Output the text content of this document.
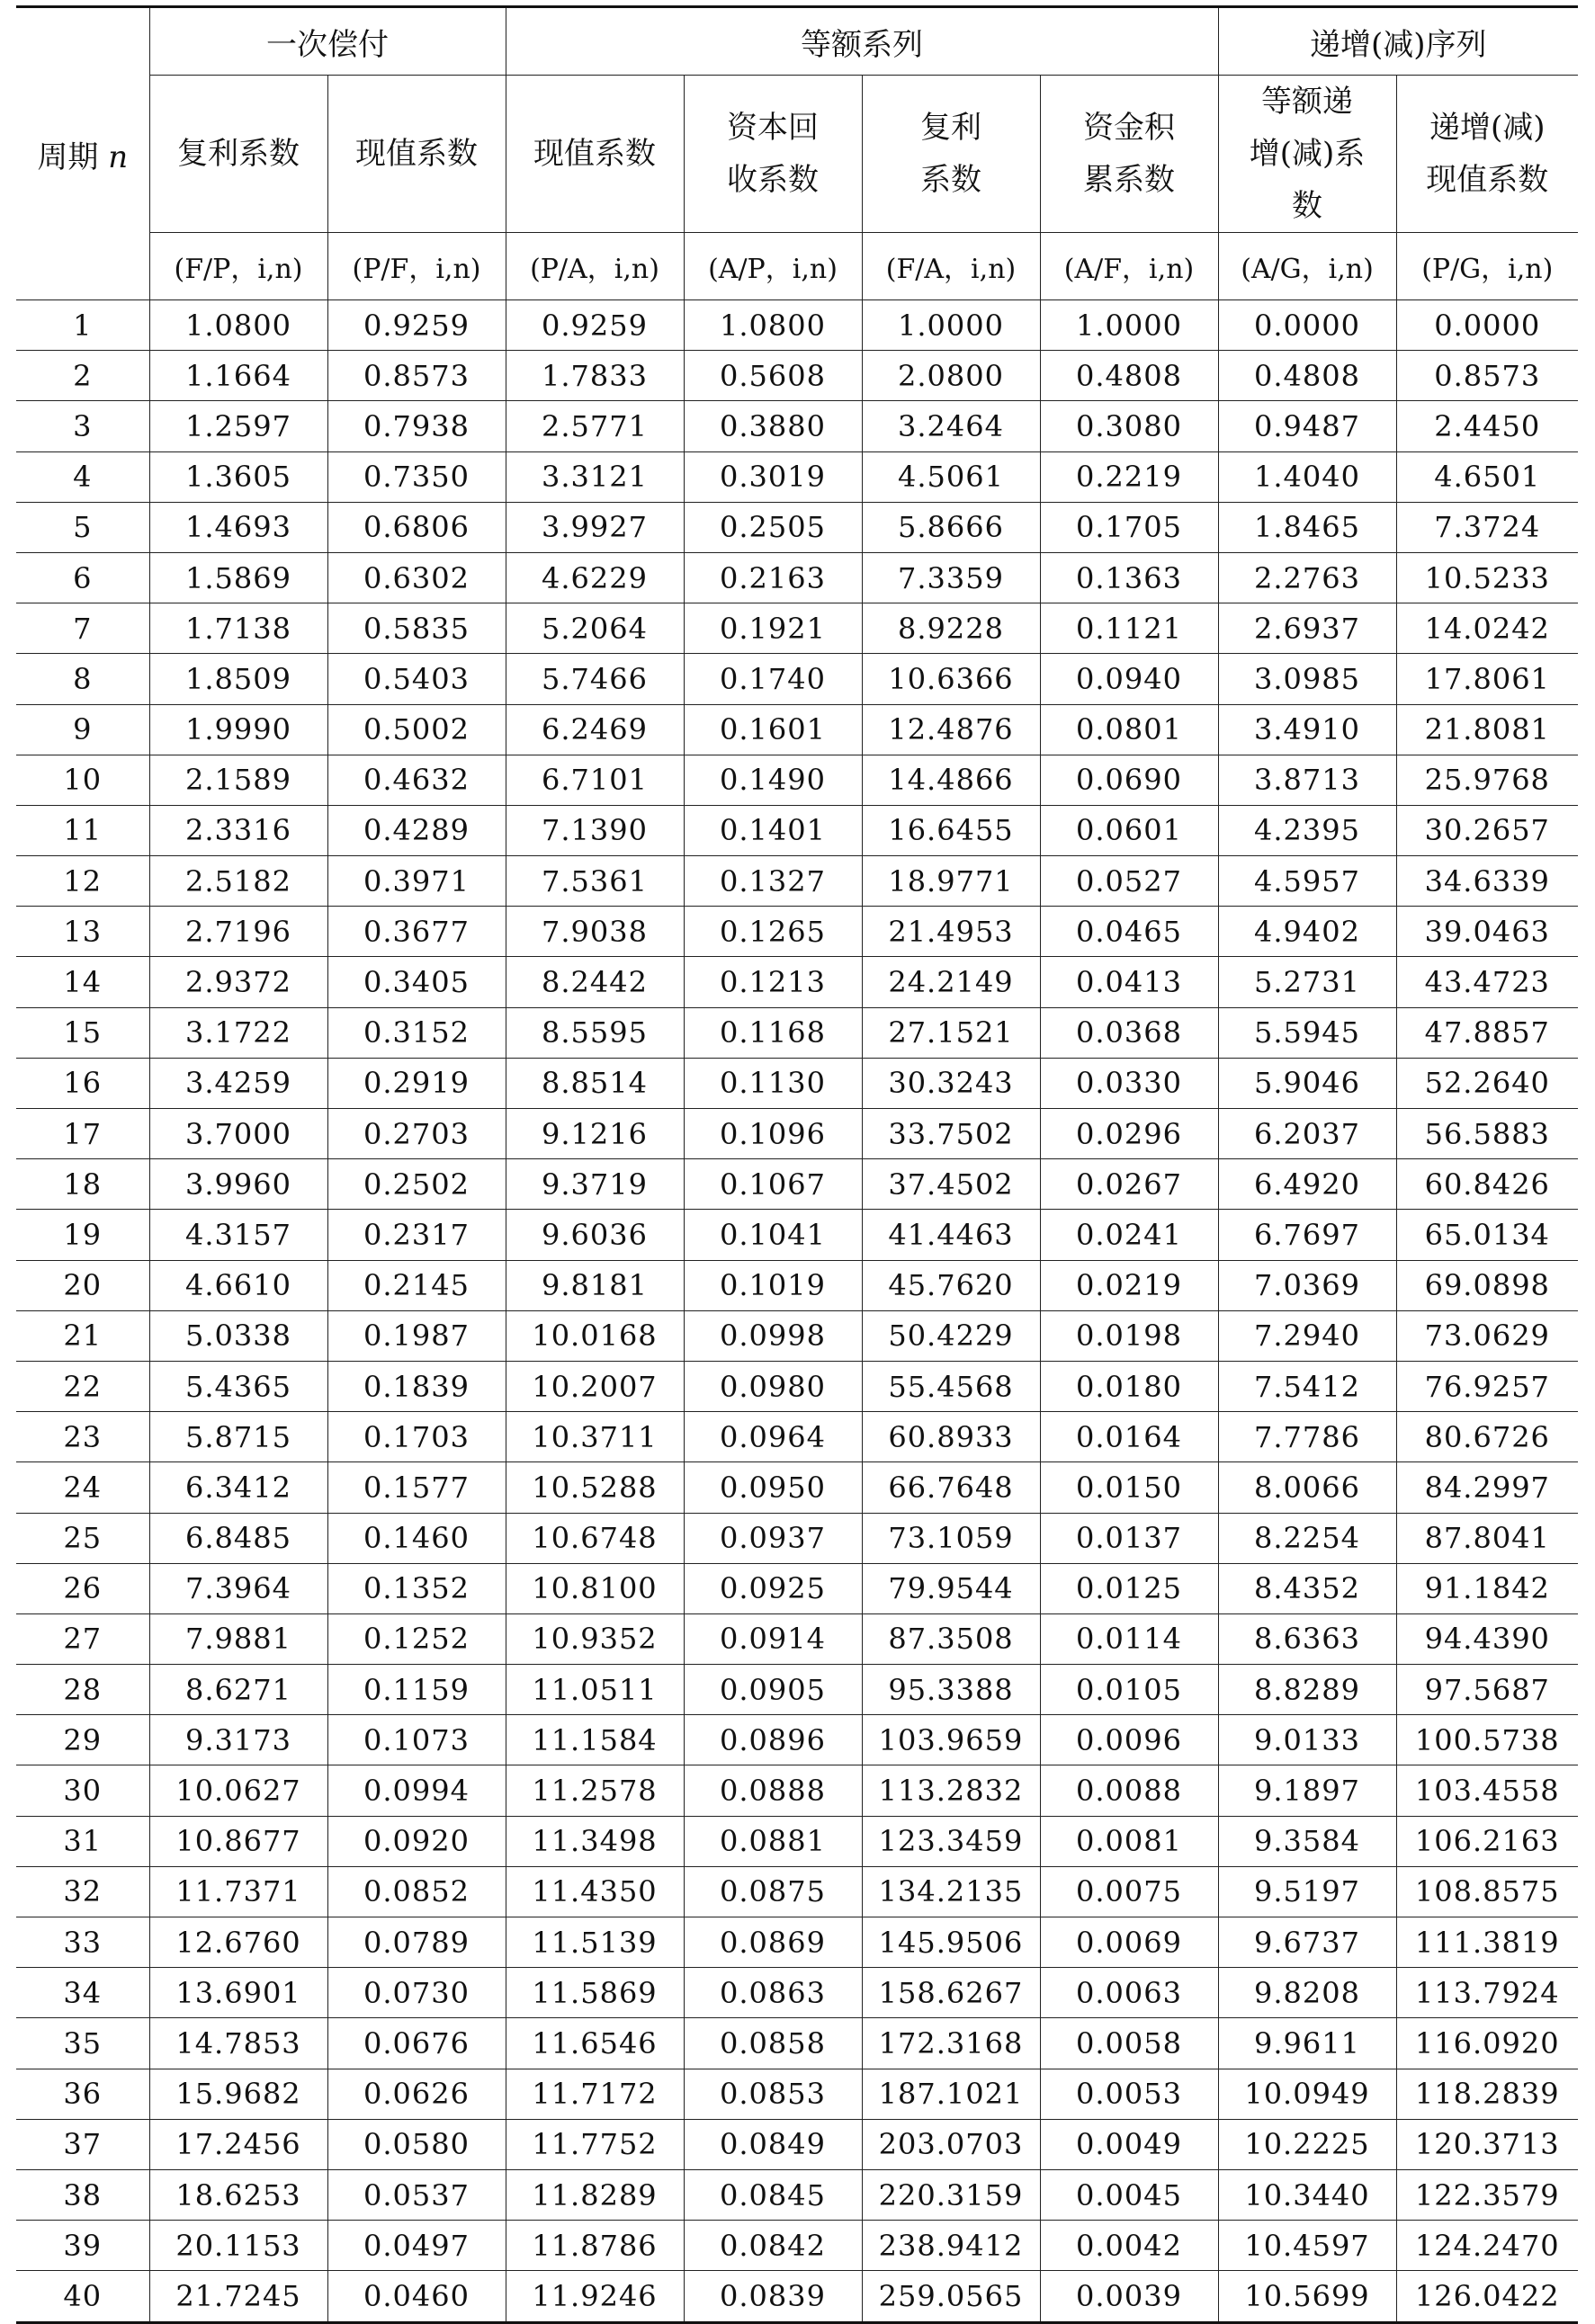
周期 n	一次偿付		等额系列				递增(减)序列	
	复利系数	现值系数	现值系数	资本回收系数	复利系数	资金积累系数	等额递增(减)系数	递增(减)现值系数
	(F/P，i,n)	(P/F，i,n)	(P/A，i,n)	(A/P，i,n)	(F/A，i,n)	(A/F，i,n)	(A/G，i,n)	(P/G，i,n)
1	1.0800	0.9259	0.9259	1.0800	1.0000	1.0000	0.0000	0.0000
2	1.1664	0.8573	1.7833	0.5608	2.0800	0.4808	0.4808	0.8573
3	1.2597	0.7938	2.5771	0.3880	3.2464	0.3080	0.9487	2.4450
4	1.3605	0.7350	3.3121	0.3019	4.5061	0.2219	1.4040	4.6501
5	1.4693	0.6806	3.9927	0.2505	5.8666	0.1705	1.8465	7.3724
6	1.5869	0.6302	4.6229	0.2163	7.3359	0.1363	2.2763	10.5233
7	1.7138	0.5835	5.2064	0.1921	8.9228	0.1121	2.6937	14.0242
8	1.8509	0.5403	5.7466	0.1740	10.6366	0.0940	3.0985	17.8061
9	1.9990	0.5002	6.2469	0.1601	12.4876	0.0801	3.4910	21.8081
10	2.1589	0.4632	6.7101	0.1490	14.4866	0.0690	3.8713	25.9768
11	2.3316	0.4289	7.1390	0.1401	16.6455	0.0601	4.2395	30.2657
12	2.5182	0.3971	7.5361	0.1327	18.9771	0.0527	4.5957	34.6339
13	2.7196	0.3677	7.9038	0.1265	21.4953	0.0465	4.9402	39.0463
14	2.9372	0.3405	8.2442	0.1213	24.2149	0.0413	5.2731	43.4723
15	3.1722	0.3152	8.5595	0.1168	27.1521	0.0368	5.5945	47.8857
16	3.4259	0.2919	8.8514	0.1130	30.3243	0.0330	5.9046	52.2640
17	3.7000	0.2703	9.1216	0.1096	33.7502	0.0296	6.2037	56.5883
18	3.9960	0.2502	9.3719	0.1067	37.4502	0.0267	6.4920	60.8426
19	4.3157	0.2317	9.6036	0.1041	41.4463	0.0241	6.7697	65.0134
20	4.6610	0.2145	9.8181	0.1019	45.7620	0.0219	7.0369	69.0898
21	5.0338	0.1987	10.0168	0.0998	50.4229	0.0198	7.2940	73.0629
22	5.4365	0.1839	10.2007	0.0980	55.4568	0.0180	7.5412	76.9257
23	5.8715	0.1703	10.3711	0.0964	60.8933	0.0164	7.7786	80.6726
24	6.3412	0.1577	10.5288	0.0950	66.7648	0.0150	8.0066	84.2997
25	6.8485	0.1460	10.6748	0.0937	73.1059	0.0137	8.2254	87.8041
26	7.3964	0.1352	10.8100	0.0925	79.9544	0.0125	8.4352	91.1842
27	7.9881	0.1252	10.9352	0.0914	87.3508	0.0114	8.6363	94.4390
28	8.6271	0.1159	11.0511	0.0905	95.3388	0.0105	8.8289	97.5687
29	9.3173	0.1073	11.1584	0.0896	103.9659	0.0096	9.0133	100.5738
30	10.0627	0.0994	11.2578	0.0888	113.2832	0.0088	9.1897	103.4558
31	10.8677	0.0920	11.3498	0.0881	123.3459	0.0081	9.3584	106.2163
32	11.7371	0.0852	11.4350	0.0875	134.2135	0.0075	9.5197	108.8575
33	12.6760	0.0789	11.5139	0.0869	145.9506	0.0069	9.6737	111.3819
34	13.6901	0.0730	11.5869	0.0863	158.6267	0.0063	9.8208	113.7924
35	14.7853	0.0676	11.6546	0.0858	172.3168	0.0058	9.9611	116.0920
36	15.9682	0.0626	11.7172	0.0853	187.1021	0.0053	10.0949	118.2839
37	17.2456	0.0580	11.7752	0.0849	203.0703	0.0049	10.2225	120.3713
38	18.6253	0.0537	11.8289	0.0845	220.3159	0.0045	10.3440	122.3579
39	20.1153	0.0497	11.8786	0.0842	238.9412	0.0042	10.4597	124.2470
40	21.7245	0.0460	11.9246	0.0839	259.0565	0.0039	10.5699	126.0422
